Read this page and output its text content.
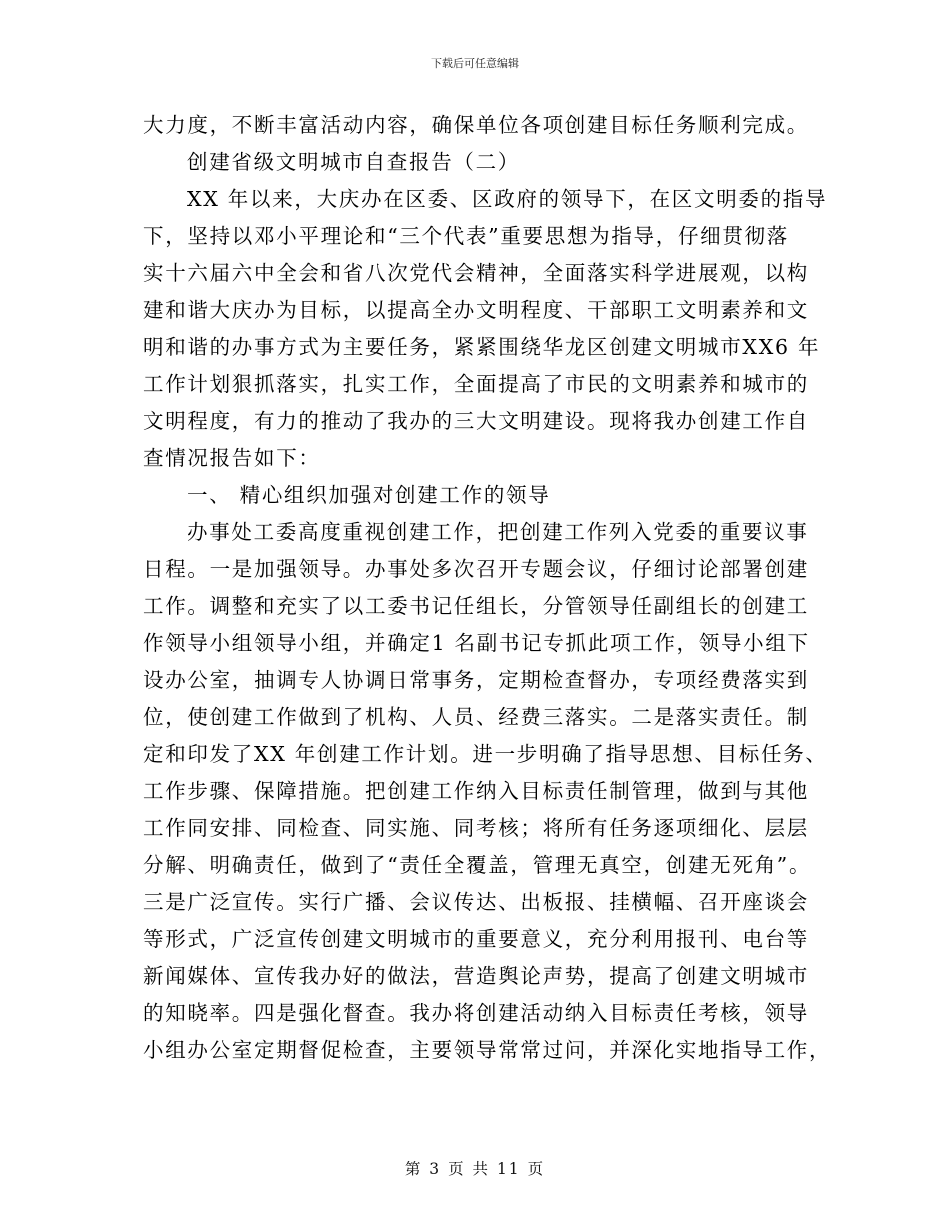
下载后可任意编辑
大力度，不断丰富活动内容，确保单位各项创建目标任务顺利完成。
创建省级文明城市自查报告（二）
XX 年以来，大庆办在区委、区政府的领导下，在区文明委的指导
下，坚持以邓小平理论和“三个代表”重要思想为指导，仔细贯彻落
实十六届六中全会和省八次党代会精神，全面落实科学进展观，以构
建和谐大庆办为目标，以提高全办文明程度、干部职工文明素养和文
明和谐的办事方式为主要任务，紧紧围绕华龙区创建文明城市XX6 年
工作计划狠抓落实，扎实工作，全面提高了市民的文明素养和城市的
文明程度，有力的推动了我办的三大文明建设。现将我办创建工作自
查情况报告如下：
一、 精心组织加强对创建工作的领导
办事处工委高度重视创建工作，把创建工作列入党委的重要议事
日程。一是加强领导。办事处多次召开专题会议，仔细讨论部署创建
工作。调整和充实了以工委书记任组长，分管领导任副组长的创建工
作领导小组领导小组，并确定1 名副书记专抓此项工作，领导小组下
设办公室，抽调专人协调日常事务，定期检查督办，专项经费落实到
位，使创建工作做到了机构、人员、经费三落实。二是落实责任。制
定和印发了XX 年创建工作计划。进一步明确了指导思想、目标任务、
工作步骤、保障措施。把创建工作纳入目标责任制管理，做到与其他
工作同安排、同检查、同实施、同考核；将所有任务逐项细化、层层
分解、明确责任，做到了“责任全覆盖，管理无真空，创建无死角”。
三是广泛宣传。实行广播、会议传达、出板报、挂横幅、召开座谈会
等形式，广泛宣传创建文明城市的重要意义，充分利用报刊、电台等
新闻媒体、宣传我办好的做法，营造舆论声势，提高了创建文明城市
的知晓率。四是强化督查。我办将创建活动纳入目标责任考核，领导
小组办公室定期督促检查，主要领导常常过问，并深化实地指导工作，
第 3 页 共 11 页
